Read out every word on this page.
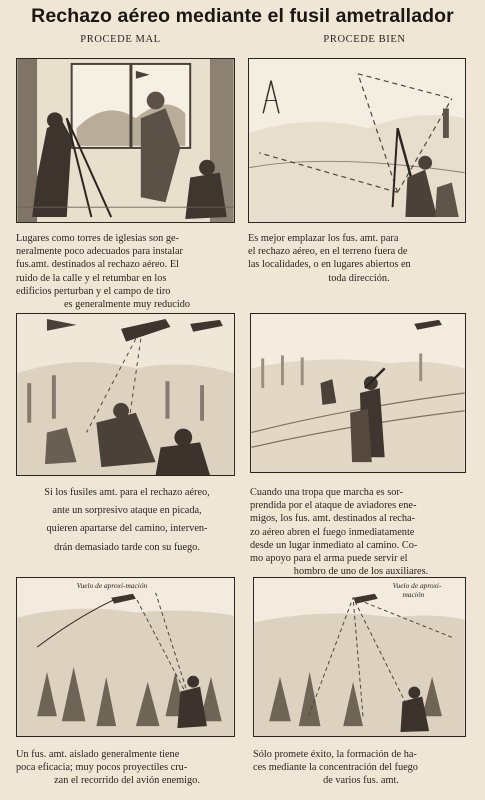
Rechazo aéreo mediante el fusil ametrallador
PROCEDE MAL	PROCEDE BIEN

Lugares como torres de iglesias son ge-
neralmente poco adecuados para instalar
fus.amt. destinados al rechazo aéreo. El
ruido de la calle y el retumbar en los
edificios perturban y el campo de tiro
es generalmente muy reducido

Es mejor emplazar los fus. amt. para
el rechazo aéreo, en el terreno fuera de
las localidades, o en lugares abiertos en
toda dirección.

Si los fusiles amt. para el rechazo aéreo,
ante un sorpresivo ataque en picada,
quieren apartarse del camino, interven-
drán demasiado tarde con su fuego.

Cuando una tropa que marcha es sor-
prendida por el ataque de aviadores ene-
migos, los fus. amt. destinados al recha-
zo aéreo abren el fuego inmediatamente
desde un lugar inmediato al camino. Co-
mo apoyo para el arma puede servir el
hombro de uno de los auxiliares.

Vuelo de aproxi-mación	Vuelo de aproxi-
mación

Un fus. amt. aislado generalmente tiene
poca eficacia; muy pocos proyectiles cru-
zan el recorrido del avión enemigo.

Sólo promete éxito, la formación de ha-
ces mediante la concentración del fuego
de varios fus. amt.
